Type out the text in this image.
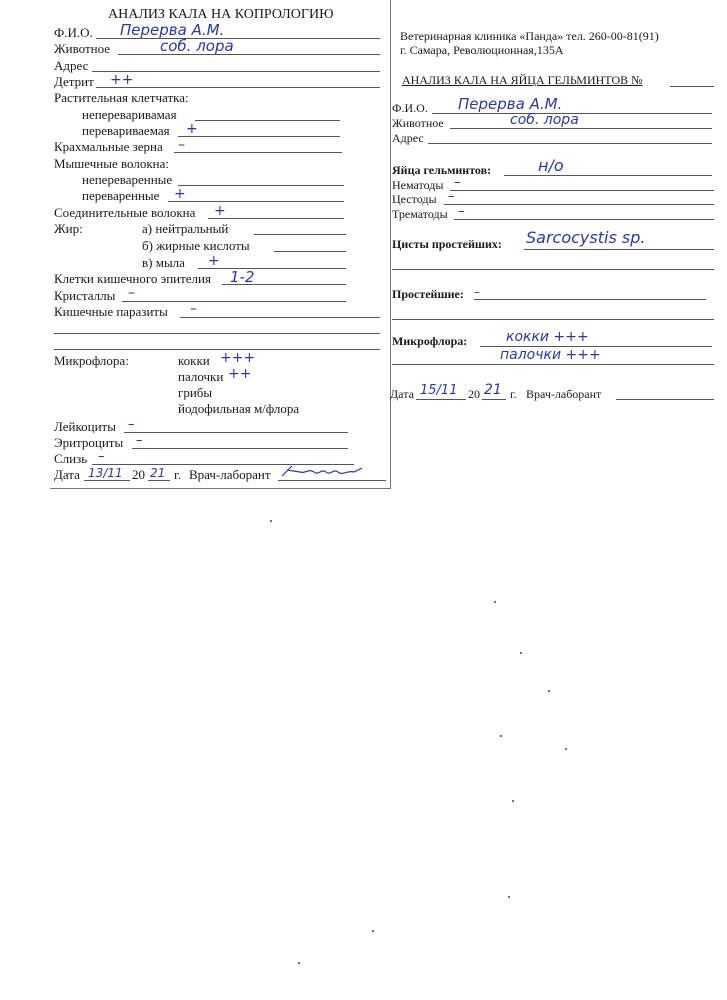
АНАЛИЗ КАЛА НА КОПРОЛОГИЮ
Ф.И.О. Перерва А.М.
Животное	соб. лора
Адрес
Детрит ++
Растительная клетчатка:
непереваривамая
перевариваемая +
Крахмальные зерна –
Мышечные волокна:
непереваренные
переваренные +
Соединительные волокна +
Жир:	а) нейтральный
б) жирные кислоты
в) мыла +
Клетки кишечного эпителия 1-2
Кристаллы –
Кишечные паразиты –
Микрофлора:	кокки +++
палочки ++
грибы
йодофильная м/флора
Лейкоциты –
Эритроциты –
Слизь –
Дата 13/11 20 21 г. Врач-лаборант
Ветеринарная клиника «Панда» тел. 260-00-81(91)
г. Самара, Революционная,135А
АНАЛИЗ КАЛА НА ЯЙЦА ГЕЛЬМИНТОВ №
Ф.И.О. Перерва А.М.
Животное	соб. лора
Адрес
Яйца гельминтов:	н/о
Нематоды –
Цестоды –
Трематоды –
Цисты простейших: Sarcocystis sp.
Простейшие: –
Микрофлора:	кокки +++
палочки +++
Дата 15/11 20 21 г. Врач-лаборант
